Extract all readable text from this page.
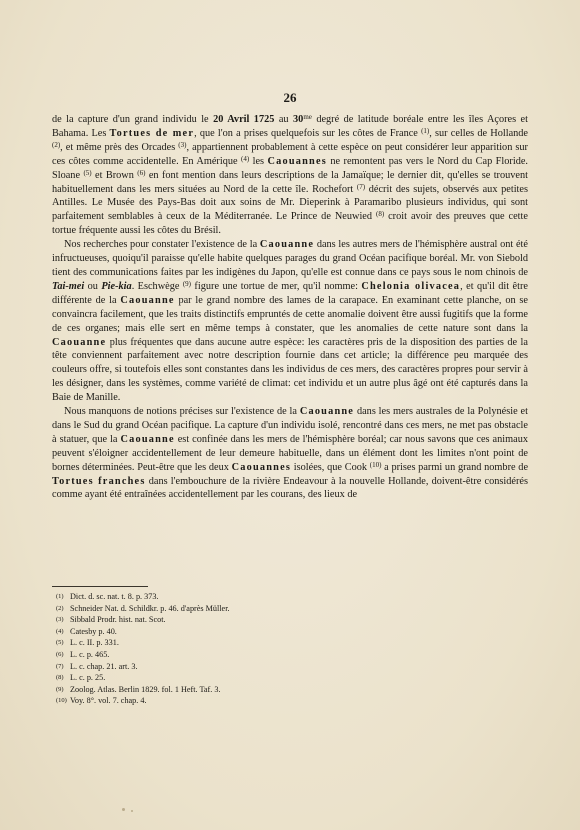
26

de la capture d'un grand individu le 20 Avril 1725 au $30^{me}$ degré de latitude boréale entre les îles Açores et Bahama. Les Tortues de mer, que l'on a prises quelquefois sur les côtes de France $^{(1)}$, sur celles de Hollande $^{(2)}$, et même près des Orcades $^{(3)}$, appartiennent probablement à cette espèce on peut considérer leur apparition sur ces côtes comme accidentelle. En Amérique $^{(4)}$ les Caouannes ne remontent pas vers le Nord du Cap Floride. Sloane $^{(5)}$ et Brown $^{(6)}$ en font mention dans leurs descriptions de la Jamaïque; le dernier dit, qu'elles se trouvent habituellement dans les mers situées au Nord de la cette île. Rochefort $^{(7)}$ décrit des sujets, observés aux petites Antilles. Le Musée des Pays-Bas doit aux soins de Mr. Dieperink à Paramaribo plusieurs individus, qui sont parfaitement semblables à ceux de la Méditerranée. Le Prince de Neuwied $^{(8)}$ croit avoir des preuves que cette tortue fréquente aussi les côtes du Brésil.

Nos recherches pour constater l'existence de la Caouanne dans les autres mers de l'hémisphère austral ont été infructueuses, quoiqu'il paraisse qu'elle habite quelques parages du grand Océan pacifique boréal. Mr. von Siebold tient des communications faites par les indigènes du Japon, qu'elle est connue dans ce pays sous le nom chinois de Tai-mei ou Pie-kia. Eschwège $^{(9)}$ figure une tortue de mer, qu'il nomme: Chelonia olivacea, et qu'il dit être différente de la Caouanne par le grand nombre des lames de la carapace. En examinant cette planche, on se convaincra facilement, que les traits distinctifs empruntés de cette anomalie doivent être aussi fugitifs que la forme de ces organes; mais elle sert en même temps à constater, que les anomalies de cette nature sont dans la Caouanne plus fréquentes que dans aucune autre espèce: les caractères pris de la disposition des parties de la tête conviennent parfaitement avec notre description fournie dans cet article; la différence peu marquée des couleurs offre, si toutefois elles sont constantes dans les individus de ces mers, des caractères propres pour servir à les désigner, dans les systèmes, comme variété de climat: cet individu et un autre plus âgé ont été capturés dans la Baie de Manille.

Nous manquons de notions précises sur l'existence de la Caouanne dans les mers australes de la Polynésie et dans le Sud du grand Océan pacifique. La capture d'un individu isolé, rencontré dans ces mers, ne met pas obstacle à statuer, que la Caouanne est confinée dans les mers de l'hémisphère boréal; car nous savons que ces animaux peuvent s'éloigner accidentellement de leur demeure habituelle, dans un élément dont les limites n'ont point de bornes déterminées. Peut-être que les deux Caouannes isolées, que Cook $^{(10)}$ a prises parmi un grand nombre de Tortues franches dans l'embouchure de la rivière Endeavour à la nouvelle Hollande, doivent-être considérés comme ayant été entraînées accidentellement par les courans, des lieux de

(1) Dict. d. sc. nat. t. 8. p. 373.
(2) Schneider Nat. d. Schildkr. p. 46. d'après Müller.
(3) Sibbald Prodr. hist. nat. Scot.
(4) Catesby p. 40.
(5) L. c. II. p. 331.
(6) L. c. p. 465.
(7) L. c. chap. 21. art. 3.
(8) L. c. p. 25.
(9) Zoolog. Atlas. Berlin 1829. fol. 1 Heft. Taf. 3.
(10) Voy. 8°. vol. 7. chap. 4.
